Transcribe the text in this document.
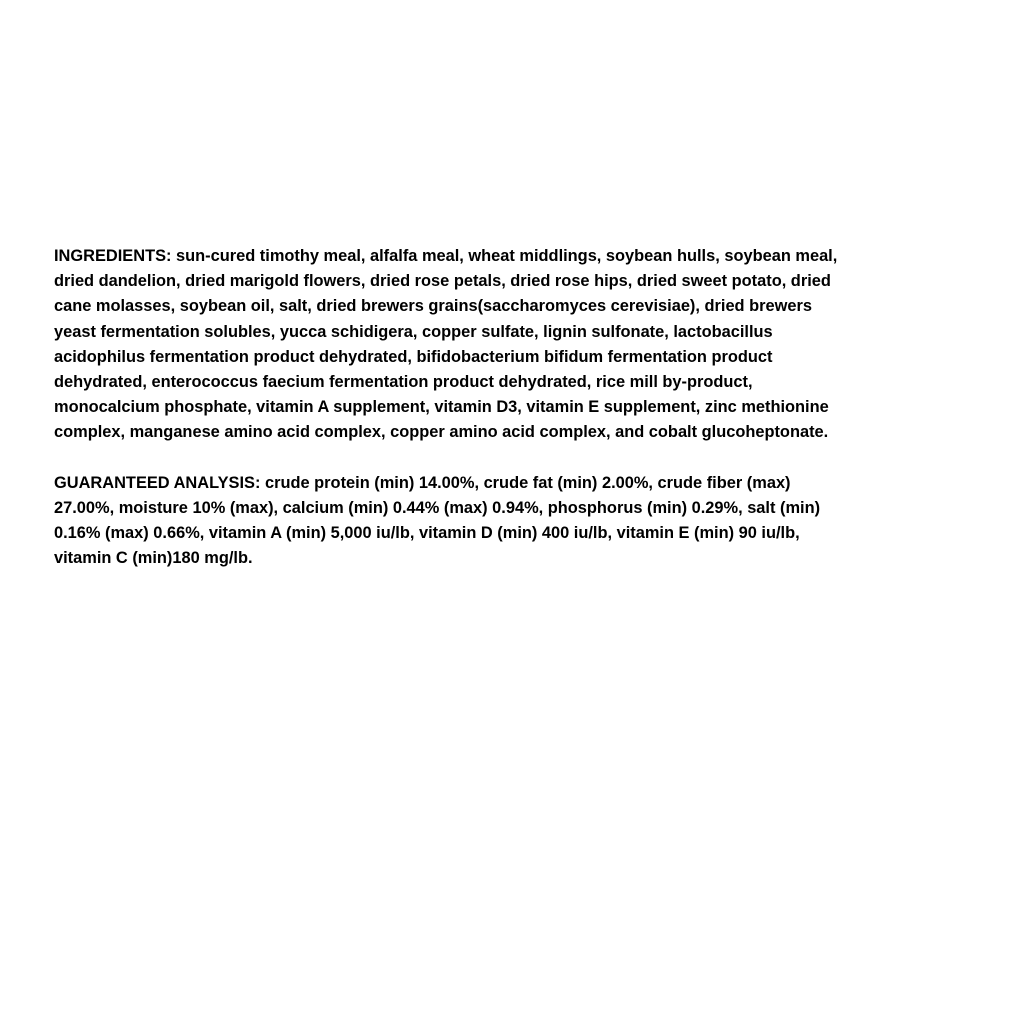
INGREDIENTS: sun-cured timothy meal, alfalfa meal, wheat middlings, soybean hulls, soybean meal,
dried dandelion, dried marigold flowers, dried rose petals, dried rose hips, dried sweet potato, dried
cane molasses, soybean oil, salt, dried brewers grains(saccharomyces cerevisiae), dried brewers
yeast fermentation solubles, yucca schidigera, copper sulfate, lignin sulfonate, lactobacillus
acidophilus fermentation product dehydrated, bifidobacterium bifidum fermentation product
dehydrated, enterococcus faecium fermentation product dehydrated, rice mill by-product,
monocalcium phosphate, vitamin A supplement, vitamin D3, vitamin E supplement, zinc methionine
complex, manganese amino acid complex, copper amino acid complex, and cobalt glucoheptonate.

GUARANTEED ANALYSIS: crude protein (min) 14.00%, crude fat (min) 2.00%, crude fiber (max)
27.00%, moisture 10% (max), calcium (min) 0.44% (max) 0.94%, phosphorus (min) 0.29%, salt (min)
0.16% (max) 0.66%, vitamin A (min) 5,000 iu/lb, vitamin D (min) 400 iu/lb, vitamin E (min) 90 iu/lb,
vitamin C (min)180 mg/lb.
